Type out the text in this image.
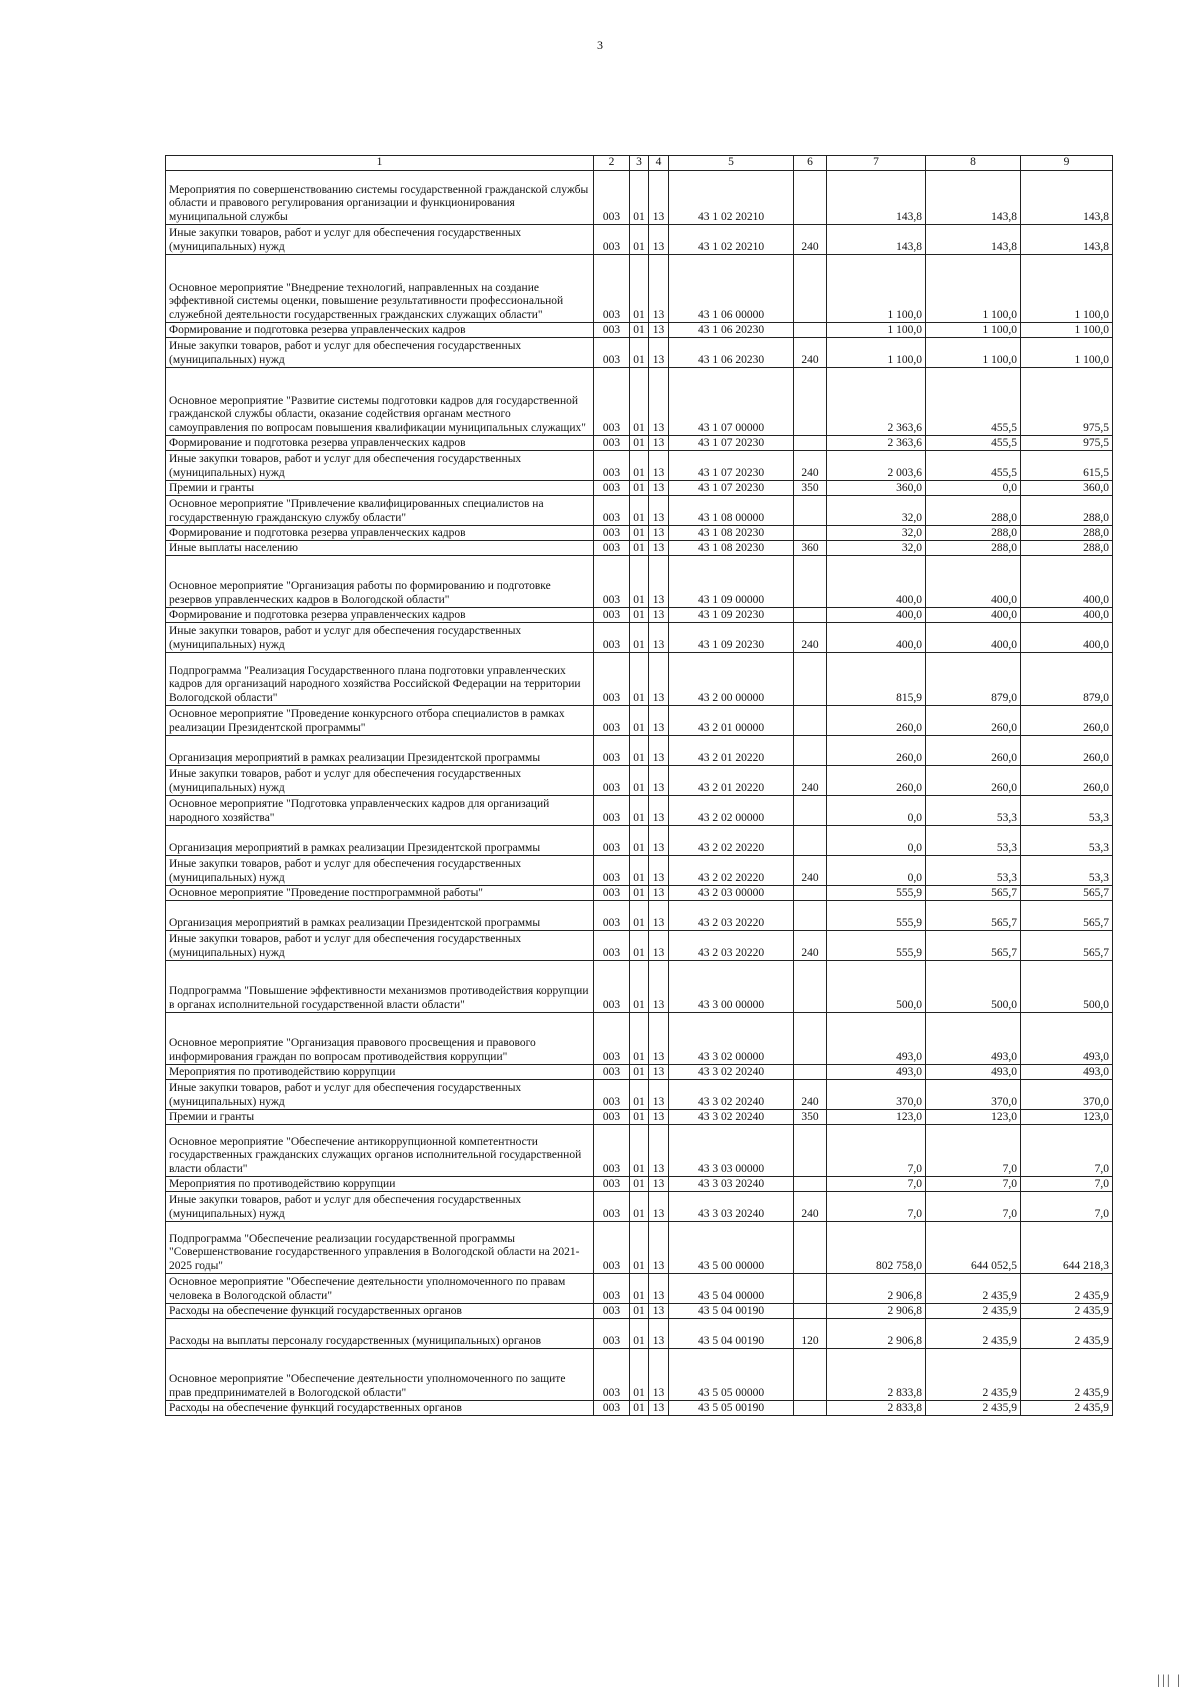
3
1	2	3	4	5	6	7	8	9
Мероприятия по совершенствованию системы государственной гражданской службы области и правового регулирования организации и функционирования муниципальной службы	003	01	13	43 1 02 20210		143,8	143,8	143,8
Иные закупки товаров, работ и услуг для обеспечения государственных (муниципальных) нужд	003	01	13	43 1 02 20210	240	143,8	143,8	143,8
Основное мероприятие "Внедрение технологий, направленных на создание эффективной системы оценки, повышение результативности профессиональной служебной деятельности государственных гражданских служащих области"	003	01	13	43 1 06 00000		1 100,0	1 100,0	1 100,0
Формирование и подготовка резерва управленческих кадров	003	01	13	43 1 06 20230		1 100,0	1 100,0	1 100,0
Иные закупки товаров, работ и услуг для обеспечения государственных (муниципальных) нужд	003	01	13	43 1 06 20230	240	1 100,0	1 100,0	1 100,0
Основное мероприятие "Развитие системы подготовки кадров для государственной гражданской службы области, оказание содействия органам местного самоуправления по вопросам повышения квалификации муниципальных служащих"	003	01	13	43 1 07 00000		2 363,6	455,5	975,5
Формирование и подготовка резерва управленческих кадров	003	01	13	43 1 07 20230		2 363,6	455,5	975,5
Иные закупки товаров, работ и услуг для обеспечения государственных (муниципальных) нужд	003	01	13	43 1 07 20230	240	2 003,6	455,5	615,5
Премии и гранты	003	01	13	43 1 07 20230	350	360,0	0,0	360,0
Основное мероприятие "Привлечение квалифицированных специалистов на государственную гражданскую службу области"	003	01	13	43 1 08 00000		32,0	288,0	288,0
Формирование и подготовка резерва управленческих кадров	003	01	13	43 1 08 20230		32,0	288,0	288,0
Иные выплаты населению	003	01	13	43 1 08 20230	360	32,0	288,0	288,0
Основное мероприятие "Организация работы по формированию и подготовке резервов управленческих кадров в Вологодской области"	003	01	13	43 1 09 00000		400,0	400,0	400,0
Формирование и подготовка резерва управленческих кадров	003	01	13	43 1 09 20230		400,0	400,0	400,0
Иные закупки товаров, работ и услуг для обеспечения государственных (муниципальных) нужд	003	01	13	43 1 09 20230	240	400,0	400,0	400,0
Подпрограмма "Реализация Государственного плана подготовки управленческих кадров для организаций народного хозяйства Российской Федерации на территории Вологодской области"	003	01	13	43 2 00 00000		815,9	879,0	879,0
Основное мероприятие "Проведение конкурсного отбора специалистов в рамках реализации Президентской программы"	003	01	13	43 2 01 00000		260,0	260,0	260,0
Организация мероприятий в рамках реализации Президентской программы	003	01	13	43 2 01 20220		260,0	260,0	260,0
Иные закупки товаров, работ и услуг для обеспечения государственных (муниципальных) нужд	003	01	13	43 2 01 20220	240	260,0	260,0	260,0
Основное мероприятие "Подготовка управленческих кадров для организаций народного хозяйства"	003	01	13	43 2 02 00000		0,0	53,3	53,3
Организация мероприятий в рамках реализации Президентской программы	003	01	13	43 2 02 20220		0,0	53,3	53,3
Иные закупки товаров, работ и услуг для обеспечения государственных (муниципальных) нужд	003	01	13	43 2 02 20220	240	0,0	53,3	53,3
Основное мероприятие "Проведение постпрограммной работы"	003	01	13	43 2 03 00000		555,9	565,7	565,7
Организация мероприятий в рамках реализации Президентской программы	003	01	13	43 2 03 20220		555,9	565,7	565,7
Иные закупки товаров, работ и услуг для обеспечения государственных (муниципальных) нужд	003	01	13	43 2 03 20220	240	555,9	565,7	565,7
Подпрограмма "Повышение эффективности механизмов противодействия коррупции в органах исполнительной государственной власти области"	003	01	13	43 3 00 00000		500,0	500,0	500,0
Основное мероприятие "Организация правового просвещения и правового информирования граждан по вопросам противодействия коррупции"	003	01	13	43 3 02 00000		493,0	493,0	493,0
Мероприятия по противодействию коррупции	003	01	13	43 3 02 20240		493,0	493,0	493,0
Иные закупки товаров, работ и услуг для обеспечения государственных (муниципальных) нужд	003	01	13	43 3 02 20240	240	370,0	370,0	370,0
Премии и гранты	003	01	13	43 3 02 20240	350	123,0	123,0	123,0
Основное мероприятие "Обеспечение антикоррупционной компетентности государственных гражданских служащих органов исполнительной государственной власти области"	003	01	13	43 3 03 00000		7,0	7,0	7,0
Мероприятия по противодействию коррупции	003	01	13	43 3 03 20240		7,0	7,0	7,0
Иные закупки товаров, работ и услуг для обеспечения государственных (муниципальных) нужд	003	01	13	43 3 03 20240	240	7,0	7,0	7,0
Подпрограмма "Обеспечение реализации государственной программы "Совершенствование государственного управления в Вологодской области на 2021-2025 годы"	003	01	13	43 5 00 00000		802 758,0	644 052,5	644 218,3
Основное мероприятие "Обеспечение деятельности уполномоченного по правам человека в Вологодской области"	003	01	13	43 5 04 00000		2 906,8	2 435,9	2 435,9
Расходы на обеспечение функций государственных органов	003	01	13	43 5 04 00190		2 906,8	2 435,9	2 435,9
Расходы на выплаты персоналу государственных (муниципальных) органов	003	01	13	43 5 04 00190	120	2 906,8	2 435,9	2 435,9
Основное мероприятие "Обеспечение деятельности уполномоченного по защите прав предпринимателей в Вологодской области"	003	01	13	43 5 05 00000		2 833,8	2 435,9	2 435,9
Расходы на обеспечение функций государственных органов	003	01	13	43 5 05 00190		2 833,8	2 435,9	2 435,9
||| |
